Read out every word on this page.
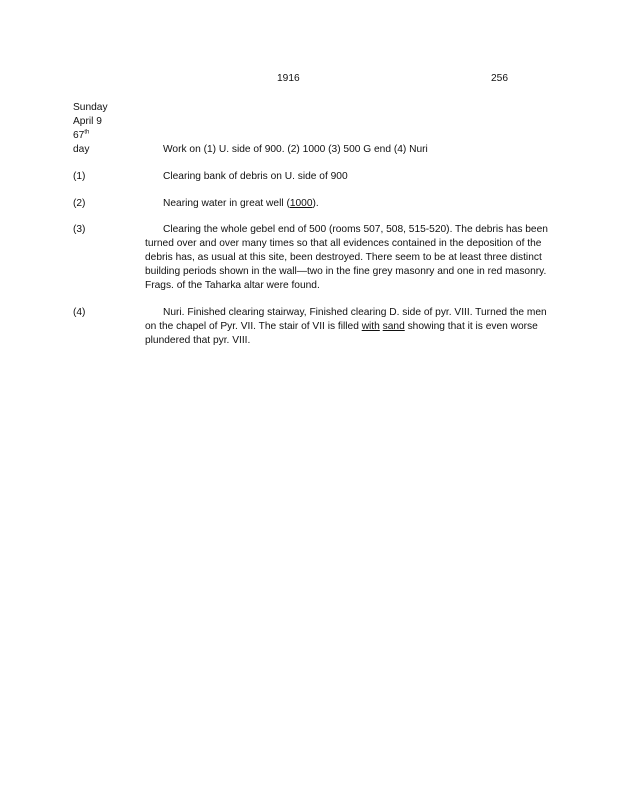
1916	256
Sunday
April 9
67th
day	Work on (1) U. side of 900. (2) 1000 (3) 500 G end (4) Nuri
(1)	Clearing bank of debris on U. side of 900
(2)	Nearing water in great well (1000).
(3)	Clearing the whole gebel end of 500 (rooms 507, 508, 515-520). The debris has been turned over and over many times so that all evidences contained in the deposition of the debris has, as usual at this site, been destroyed. There seem to be at least three distinct building periods shown in the wall—two in the fine grey masonry and one in red masonry. Frags. of the Taharka altar were found.
(4)	Nuri. Finished clearing stairway, Finished clearing D. side of pyr. VIII. Turned the men on the chapel of Pyr. VII. The stair of VII is filled with sand showing that it is even worse plundered that pyr. VIII.
